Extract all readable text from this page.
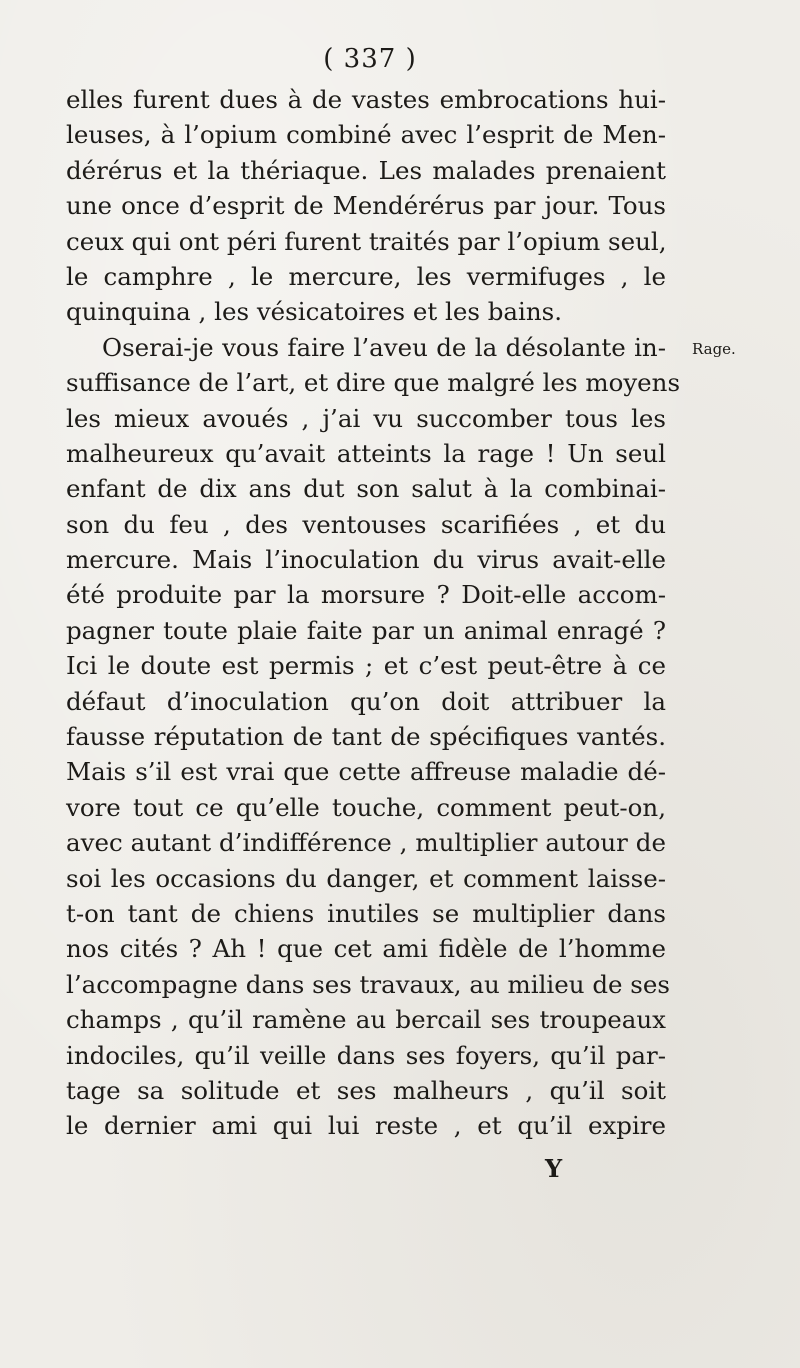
( 337 )
elles furent dues à de vastes embrocations hui-
leuses, à l’opium combiné avec l’esprit de Men-
dérérus et la thériaque. Les malades prenaient
une once d’esprit de Mendérérus par jour. Tous
ceux qui ont péri furent traités par l’opium seul,
le camphre , le mercure, les vermifuges , le
quinquina , les vésicatoires et les bains.
Oserai-je vous faire l’aveu de la désolante in-
suffisance de l’art, et dire que malgré les moyens
les mieux avoués , j’ai vu succomber tous les
malheureux qu’avait atteints la rage ! Un seul
enfant de dix ans dut son salut à la combinai-
son du feu , des ventouses scarifiées , et du
mercure. Mais l’inoculation du virus avait-elle
été produite par la morsure ? Doit-elle accom-
pagner toute plaie faite par un animal enragé ?
Ici le doute est permis ; et c’est peut-être à ce
défaut d’inoculation qu’on doit attribuer la
fausse réputation de tant de spécifiques vantés.
Mais s’il est vrai que cette affreuse maladie dé-
vore tout ce qu’elle touche, comment peut-on,
avec autant d’indifférence , multiplier autour de
soi les occasions du danger, et comment laisse-
t-on tant de chiens inutiles se multiplier dans
nos cités ? Ah ! que cet ami fidèle de l’homme
l’accompagne dans ses travaux, au milieu de ses
champs , qu’il ramène au bercail ses troupeaux
indociles, qu’il veille dans ses foyers, qu’il par-
tage sa solitude et ses malheurs , qu’il soit
le dernier ami qui lui reste , et qu’il expire
Rage.
Y
